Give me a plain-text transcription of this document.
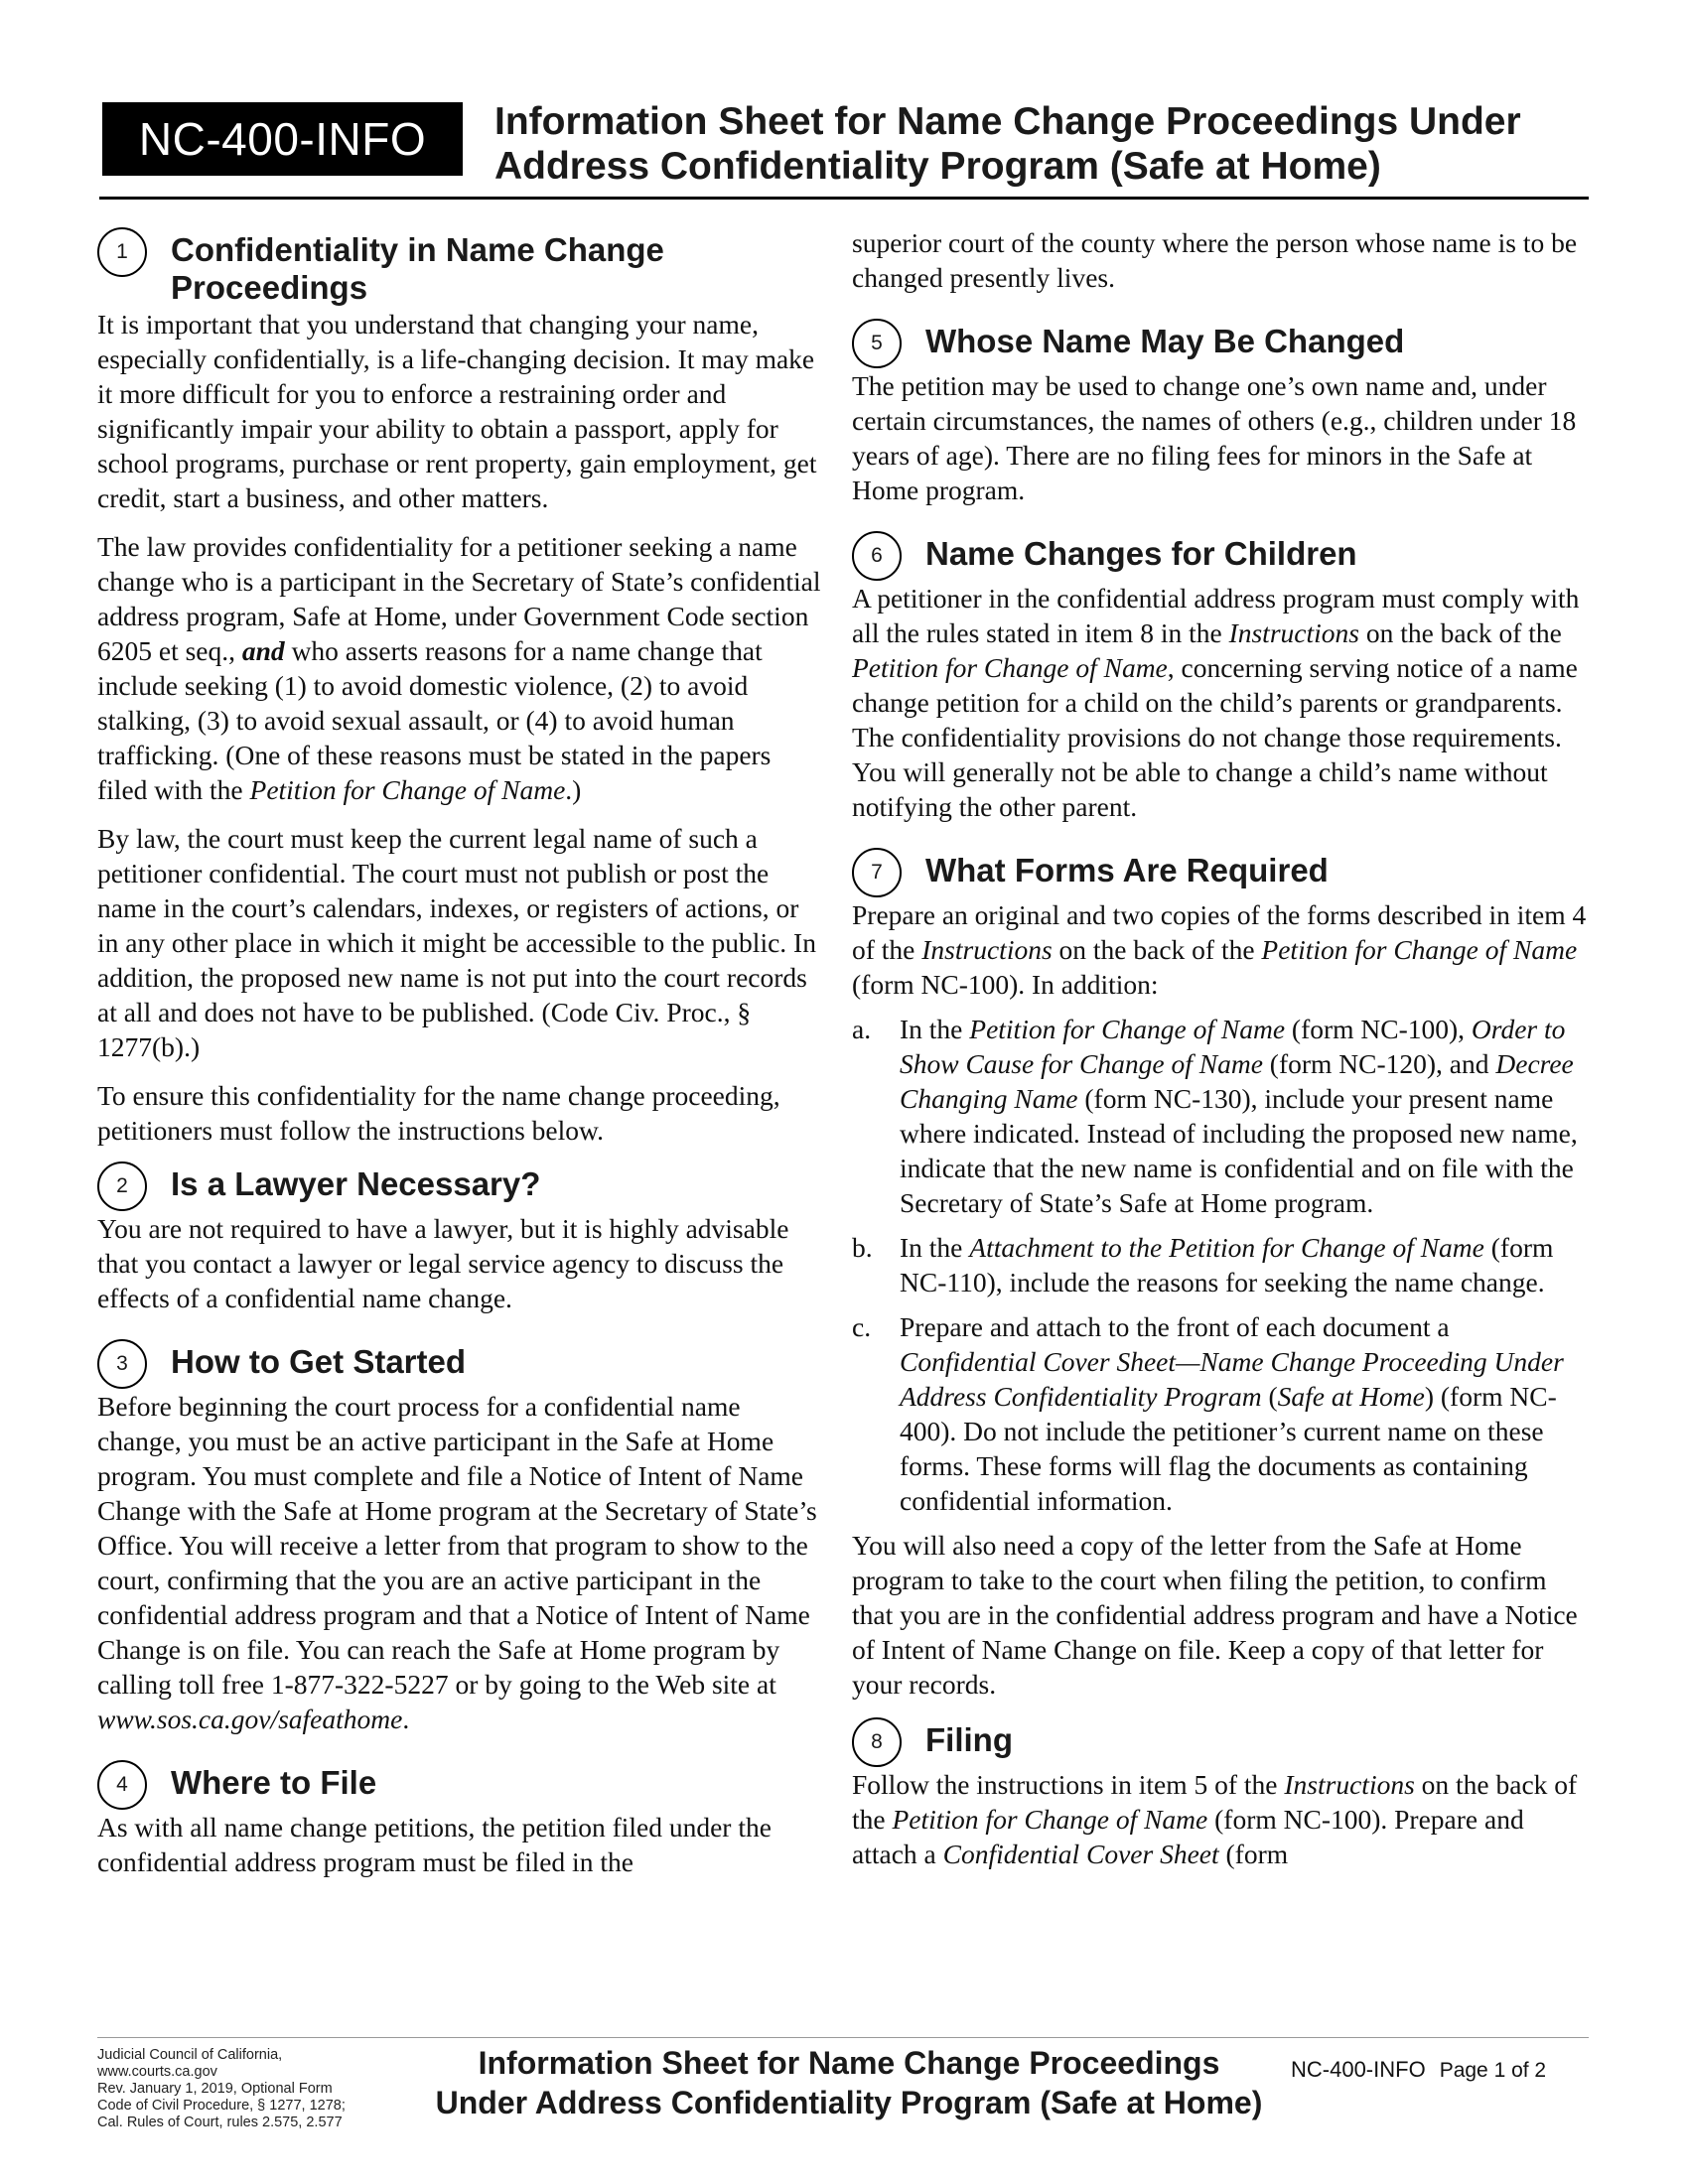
NC-400-INFO	Information Sheet for Name Change Proceedings Under
Address Confidentiality Program (Safe at Home)
1	Confidentiality in Name Change Proceedings

It is important that you understand that changing your name, especially confidentially, is a life-changing decision. It may make it more difficult for you to enforce a restraining order and significantly impair your ability to obtain a passport, apply for school programs, purchase or rent property, gain employment, get credit, start a business, and other matters.

The law provides confidentiality for a petitioner seeking a name change who is a participant in the Secretary of State’s confidential address program, Safe at Home, under Government Code section 6205 et seq., and who asserts reasons for a name change that include seeking (1) to avoid domestic violence, (2) to avoid stalking, (3) to avoid sexual assault, or (4) to avoid human trafficking. (One of these reasons must be stated in the papers filed with the Petition for Change of Name.)

By law, the court must keep the current legal name of such a petitioner confidential. The court must not publish or post the name in the court’s calendars, indexes, or registers of actions, or in any other place in which it might be accessible to the public. In addition, the proposed new name is not put into the court records at all and does not have to be published. (Code Civ. Proc., § 1277(b).)

To ensure this confidentiality for the name change proceeding, petitioners must follow the instructions below.

2	Is a Lawyer Necessary?

You are not required to have a lawyer, but it is highly advisable that you contact a lawyer or legal service agency to discuss the effects of a confidential name change.

3	How to Get Started

Before beginning the court process for a confidential name change, you must be an active participant in the Safe at Home program. You must complete and file a Notice of Intent of Name Change with the Safe at Home program at the Secretary of State’s Office. You will receive a letter from that program to show to the court, confirming that the you are an active participant in the confidential address program and that a Notice of Intent of Name Change is on file. You can reach the Safe at Home program by calling toll free 1-877-322-5227 or by going to the Web site at www.sos.ca.gov/safeathome.

4	Where to File

As with all name change petitions, the petition filed under the confidential address program must be filed in the

superior court of the county where the person whose name is to be changed presently lives.

5	Whose Name May Be Changed

The petition may be used to change one’s own name and, under certain circumstances, the names of others (e.g., children under 18 years of age). There are no filing fees for minors in the Safe at Home program.

6	Name Changes for Children

A petitioner in the confidential address program must comply with all the rules stated in item 8 in the Instructions on the back of the Petition for Change of Name, concerning serving notice of a name change petition for a child on the child’s parents or grandparents. The confidentiality provisions do not change those requirements. You will generally not be able to change a child’s name without notifying the other parent.

7	What Forms Are Required

Prepare an original and two copies of the forms described in item 4 of the Instructions on the back of the Petition for Change of Name (form NC-100). In addition:

a.	In the Petition for Change of Name (form NC-100), Order to Show Cause for Change of Name (form NC-120), and Decree Changing Name (form NC-130), include your present name where indicated. Instead of including the proposed new name, indicate that the new name is confidential and on file with the Secretary of State’s Safe at Home program.
b. In the Attachment to the Petition for Change of Name (form NC-110), include the reasons for seeking the name change.
c.	Prepare and attach to the front of each document a Confidential Cover Sheet—Name Change Proceeding Under Address Confidentiality Program (Safe at Home) (form NC-400). Do not include the petitioner’s current name on these forms. These forms will flag the documents as containing confidential information.

You will also need a copy of the letter from the Safe at Home program to take to the court when filing the petition, to confirm that you are in the confidential address program and have a Notice of Intent of Name Change on file. Keep a copy of that letter for your records.

8	Filing

Follow the instructions in item 5 of the Instructions on the back of the Petition for Change of Name (form NC-100). Prepare and attach a Confidential Cover Sheet (form

Judicial Council of California,
www.courts.ca.gov
Rev. January 1, 2019, Optional Form
Code of Civil Procedure, § 1277, 1278;
Cal. Rules of Court, rules 2.575, 2.577
Information Sheet for Name Change Proceedings
Under Address Confidentiality Program (Safe at Home)
NC-400-INFO Page 1 of 2
